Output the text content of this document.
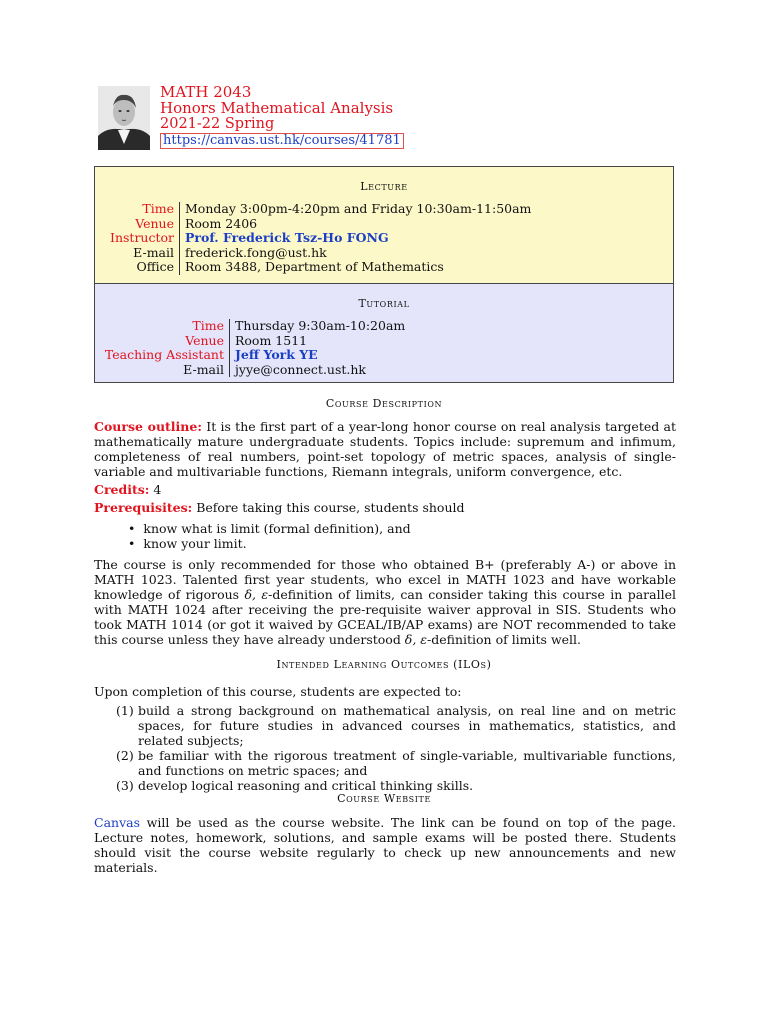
MATH 2043
Honors Mathematical Analysis
2021-22 Spring
https://canvas.ust.hk/courses/41781
Lecture
Time Monday 3:00pm-4:20pm and Friday 10:30am-11:50am
Venue Room 2406
Instructor Prof. Frederick Tsz-Ho FONG
E-mail frederick.fong@ust.hk
Office Room 3488, Department of Mathematics
Tutorial
Time Thursday 9:30am-10:20am
Venue Room 1511
Teaching Assistant Jeff York YE
E-mail jyye@connect.ust.hk
Course Description
Course outline: It is the first part of a year-long honor course on real analysis targeted at mathematically mature undergraduate students. Topics include: supremum and infimum, completeness of real numbers, point-set topology of metric spaces, analysis of single-variable and multivariable functions, Riemann integrals, uniform convergence, etc.
Credits: 4
Prerequisites: Before taking this course, students should
• know what is limit (formal definition), and
• know your limit.
The course is only recommended for those who obtained B+ (preferably A-) or above in MATH 1023. Talented first year students, who excel in MATH 1023 and have workable knowledge of rigorous δ, ε-definition of limits, can consider taking this course in parallel with MATH 1024 after receiving the pre-requisite waiver approval in SIS. Students who took MATH 1014 (or got it waived by GCEAL/IB/AP exams) are NOT recommended to take this course unless they have already understood δ, ε-definition of limits well.
Intended Learning Outcomes (ILOs)
Upon completion of this course, students are expected to:
(1) build a strong background on mathematical analysis, on real line and on metric spaces, for future studies in advanced courses in mathematics, statistics, and related subjects;
(2) be familiar with the rigorous treatment of single-variable, multivariable functions, and functions on metric spaces; and
(3) develop logical reasoning and critical thinking skills.
Course Website
Canvas will be used as the course website. The link can be found on top of the page. Lecture notes, homework, solutions, and sample exams will be posted there. Students should visit the course website regularly to check up new announcements and new materials.
